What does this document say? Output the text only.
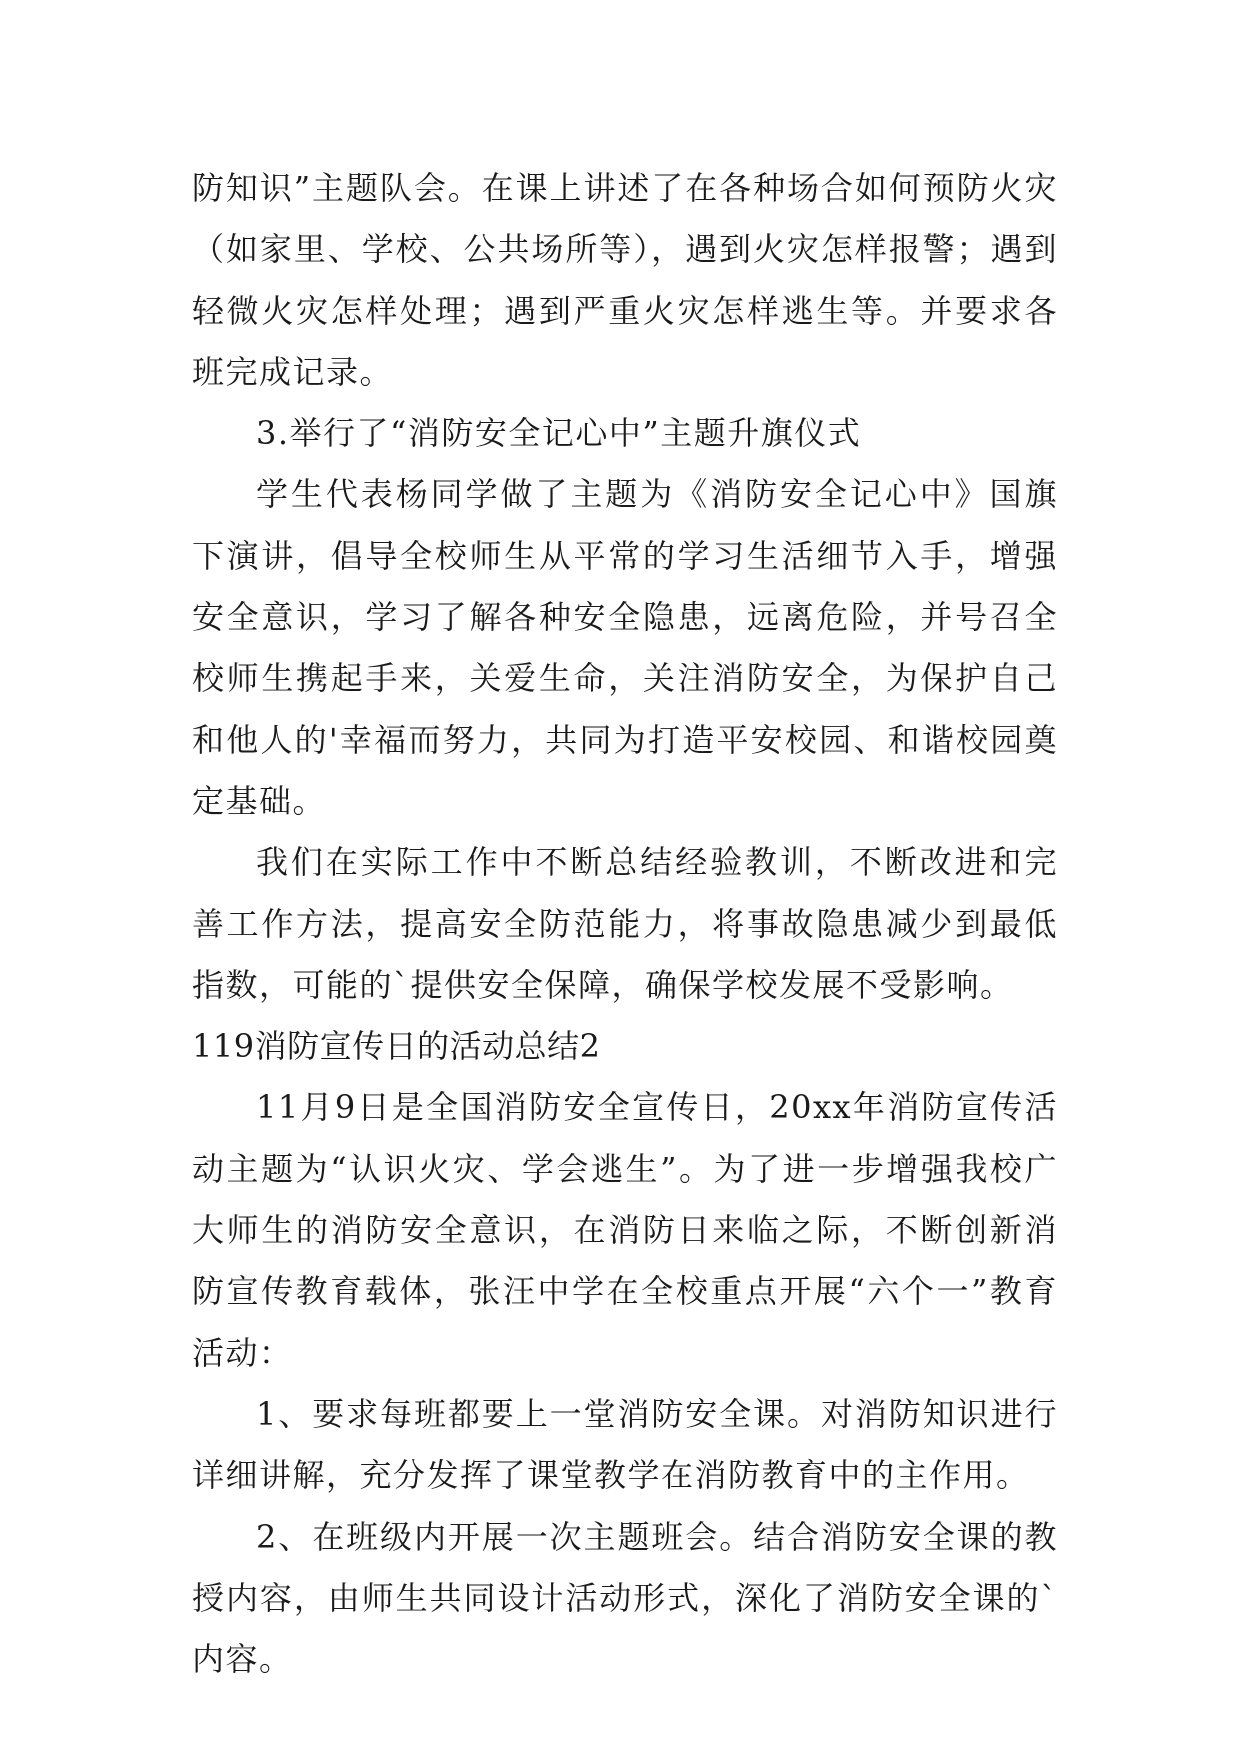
防知识”主题队会。在课上讲述了在各种场合如何预防火灾（如家里、学校、公共场所等），遇到火灾怎样报警；遇到轻微火灾怎样处理；遇到严重火灾怎样逃生等。并要求各班完成记录。

3.举行了“消防安全记心中”主题升旗仪式

学生代表杨同学做了主题为《消防安全记心中》国旗下演讲，倡导全校师生从平常的学习生活细节入手，增强安全意识，学习了解各种安全隐患，远离危险，并号召全校师生携起手来，关爱生命，关注消防安全，为保护自己和他人的'幸福而努力，共同为打造平安校园、和谐校园奠定基础。

我们在实际工作中不断总结经验教训，不断改进和完善工作方法，提高安全防范能力，将事故隐患减少到最低指数，可能的`提供安全保障，确保学校发展不受影响。

119消防宣传日的活动总结2

11月9日是全国消防安全宣传日，20xx年消防宣传活动主题为“认识火灾、学会逃生”。为了进一步增强我校广大师生的消防安全意识，在消防日来临之际，不断创新消防宣传教育载体，张汪中学在全校重点开展“六个一”教育活动：

1、要求每班都要上一堂消防安全课。对消防知识进行详细讲解，充分发挥了课堂教学在消防教育中的主作用。

2、在班级内开展一次主题班会。结合消防安全课的教授内容，由师生共同设计活动形式，深化了消防安全课的`内容。
